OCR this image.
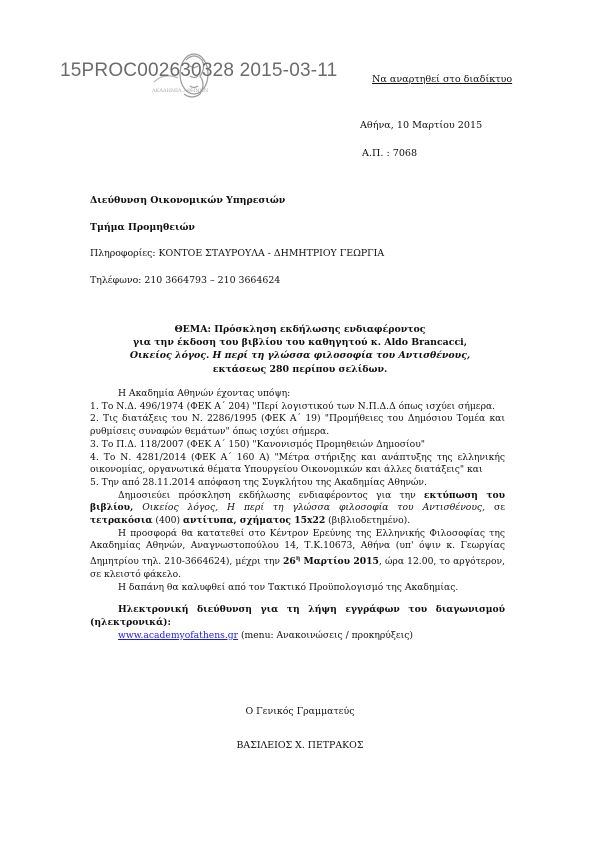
ΑΚΑΔΗΜΙΑ ΑΘΗΝΩΝ
15PROC002630328 2015-03-11	Να αναρτηθεί στο διαδίκτυο
Αθήνα, 10 Μαρτίου 2015
Α.Π. : 7068
Διεύθυνση Οικονομικών Υπηρεσιών
Τμήμα Προμηθειών
Πληροφορίες: ΚΟΝΤΟΕ ΣΤΑΥΡΟΥΛΑ - ΔΗΜΗΤΡΙΟΥ ΓΕΩΡΓΙΑ
Τηλέφωνο: 210 3664793 – 210 3664624
ΘΕΜΑ: Πρόσκληση εκδήλωσης ενδιαφέροντος
για την έκδοση του βιβλίου του καθηγητού κ. Aldo Brancacci,
Οικείος λόγος. Η περί τη γλώσσα φιλοσοφία του Αντισθένους,
εκτάσεως 280 περίπου σελίδων.

Η Ακαδημία Αθηνών έχοντας υπόψη:

1. Το Ν.Δ. 496/1974 (ΦΕΚ Α΄ 204) "Περί λογιστικού των Ν.Π.Δ.Δ όπως ισχύει σήμερα.

2. Τις διατάξεις του Ν. 2286/1995 (ΦΕΚ Α΄ 19) "Προμήθειες του Δημόσιου Τομέα και ρυθμίσεις συναφών θεμάτων" όπως ισχύει σήμερα.

3. Το Π.Δ. 118/2007 (ΦΕΚ Α΄ 150) "Κανονισμός Προμηθειών Δημοσίου"

4. Το Ν. 4281/2014 (ΦΕΚ Α΄ 160 Α) "Μέτρα στήριξης και ανάπτυξης της ελληνικής οικονομίας, οργανωτικά θέματα Υπουργείου Οικονομικών και άλλες διατάξεις" και

5. Την από 28.11.2014 απόφαση της Συγκλήτου της Ακαδημίας Αθηνών.

Δημοσιεύει πρόσκληση εκδήλωσης ενδιαφέροντος για την εκτύπωση του βιβλίου, Οικείος λόγος, Η περί τη γλώσσα φιλοσοφία του Αντισθένους, σε τετρακόσια (400) αντίτυπα, σχήματος 15x22 (βιβλιοδετημένο).

Η προσφορά θα κατατεθεί στο Κέντρον Ερεύνης της Ελληνικής Φιλοσοφίας της Ακαδημίας Αθηνών, Αναγνωστοπούλου 14, Τ.Κ.10673, Αθήνα (υπ' όψιν κ. Γεωργίας Δημητρίου τηλ. 210-3664624), μέχρι την $26^\eta$ Μαρτίου 2015, ώρα 12.00, το αργότερον, σε κλειστό φάκελο.

Η δαπάνη θα καλυφθεί από τον Τακτικό Προϋπολογισμό της Ακαδημίας.

Ηλεκτρονική διεύθυνση για τη λήψη εγγράφων του διαγωνισμού (ηλεκτρονικά):

www.academyofathens.gr (menu: Ανακοινώσεις / προκηρύξεις)

Ο Γενικός Γραμματεύς
ΒΑΣΙΛΕΙΟΣ Χ. ΠΕΤΡΑΚΟΣ
